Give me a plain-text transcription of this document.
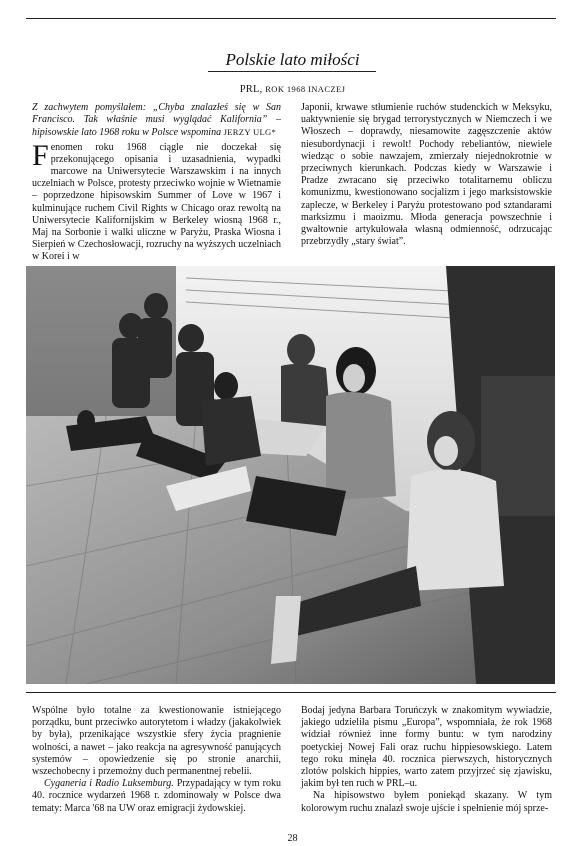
Polskie lato miłości
PRL, ROK 1968 INACZEJ

Z zachwytem pomyślałem: „Chyba znalazłeś się w San Francisco. Tak właśnie musi wyglądać Kalifornia” – hipisowskie lato 1968 roku w Polsce wspomina JERZY ULG*

Fenomen roku 1968 ciągle nie doczekał się przekonującego opisania i uzasadnienia, wypadki marcowe na Uniwersytecie Warszawskim i na innych uczelniach w Polsce, protesty przeciwko wojnie w Wietnamie – poprzedzone hipisowskim Summer of Love w 1967 i kulminujące ruchem Civil Rights w Chicago oraz rewoltą na Uniwersytecie Kalifornijskim w Berkeley wiosną 1968 r., Maj na Sorbonie i walki uliczne w Paryżu, Praska Wiosna i Sierpień w Czechosłowacji, rozruchy na wyższych uczelniach w Korei i w

Japonii, krwawe stłumienie ruchów studenckich w Meksyku, uaktywnienie się brygad terrorystycznych w Niemczech i we Włoszech – doprawdy, niesamowite zagęszczenie aktów niesubordynacji i rewolt! Pochody rebeliantów, niewiele wiedząc o sobie nawzajem, zmierzały niejednokrotnie w przeciwnych kierunkach. Podczas kiedy w Warszawie i Pradze zwracano się przeciwko totalitarnemu obliczu komunizmu, kwestionowano socjalizm i jego marksistowskie zaplecze, w Berkeley i Paryżu protestowano pod sztandarami marksizmu i maoizmu. Młoda generacja powszechnie i gwałtownie artykułowała własną odmienność, odrzucając przebrzydły „stary świat”.

Wspólne było totalne za kwestionowanie istniejącego porządku, bunt przeciwko autorytetom i władzy (jakakolwiek by była), przenikające wszystkie sfery życia pragnienie wolności, a nawet – jako reakcja na agresywność panujących systemów – opowiedzenie się po stronie anarchii, wszechobecny i przemożny duch permanentnej rebelii.

Cyganeria i Radio Luksemburg. Przypadający w tym roku 40. rocznice wydarzeń 1968 r. zdominowały w Polsce dwa tematy: Marca '68 na UW oraz emigracji żydowskiej.

Bodaj jedyna Barbara Toruńczyk w znakomitym wywiadzie, jakiego udzieliła pismu „Europa”, wspomniała, że rok 1968 widział również inne formy buntu: w tym narodziny poetyckiej Nowej Fali oraz ruchu hippiesowskiego. Latem tego roku minęła 40. rocznica pierwszych, historycznych zlotów polskich hippies, warto zatem przyjrzeć się zjawisku, jakim był ten ruch w PRL–u.

Na hipisowstwo byłem poniekąd skazany. W tym kolorowym ruchu znalazł swoje ujście i spełnienie mój sprze-

28
